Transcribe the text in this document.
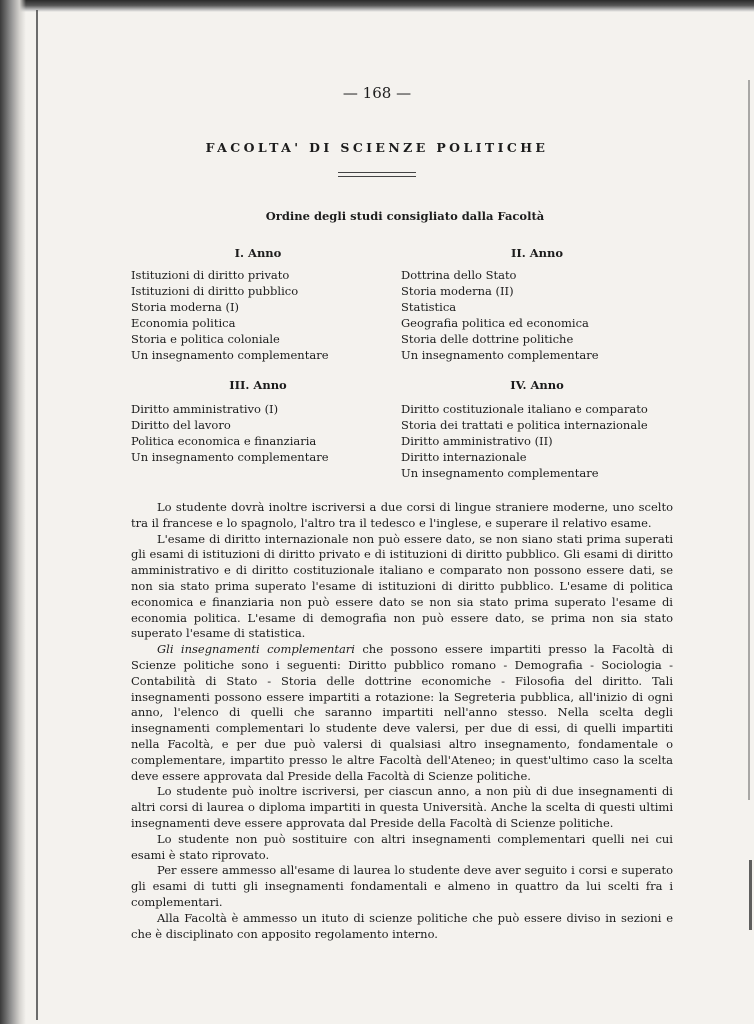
— 168 —
FACOLTA' DI SCIENZE POLITICHE
Ordine degli studi consigliato dalla Facoltà
I. Anno
Istituzioni di diritto privato
Istituzioni di diritto pubblico
Storia moderna (I)
Economia politica
Storia e politica coloniale
Un insegnamento complementare
II. Anno
Dottrina dello Stato
Storia moderna (II)
Statistica
Geografia politica ed economica
Storia delle dottrine politiche
Un insegnamento complementare
III. Anno
Diritto amministrativo (I)
Diritto del lavoro
Politica economica e finanziaria
Un insegnamento complementare
IV. Anno
Diritto costituzionale italiano e comparato
Storia dei trattati e politica internazionale
Diritto amministrativo (II)
Diritto internazionale
Un insegnamento complementare

Lo studente dovrà inoltre iscriversi a due corsi di lingue straniere moderne, uno scelto tra il francese e lo spagnolo, l'altro tra il tedesco e l'inglese, e superare il relativo esame.

L'esame di diritto internazionale non può essere dato, se non siano stati prima superati gli esami di istituzioni di diritto privato e di istituzioni di diritto pubblico. Gli esami di diritto amministrativo e di diritto costituzionale italiano e comparato non possono essere dati, se non sia stato prima superato l'esame di istituzioni di diritto pubblico. L'esame di politica economica e finanziaria non può essere dato se non sia stato prima superato l'esame di economia politica. L'esame di demografia non può essere dato, se prima non sia stato superato l'esame di statistica.

Gli insegnamenti complementari che possono essere impartiti presso la Facoltà di Scienze politiche sono i seguenti: Diritto pubblico romano - Demografia - Sociologia - Contabilità di Stato - Storia delle dottrine economiche - Filosofia del diritto. Tali insegnamenti possono essere impartiti a rotazione: la Segreteria pubblica, all'inizio di ogni anno, l'elenco di quelli che saranno impartiti nell'anno stesso. Nella scelta degli insegnamenti complementari lo studente deve valersi, per due di essi, di quelli impartiti nella Facoltà, e per due può valersi di qualsiasi altro insegnamento, fondamentale o complementare, impartito presso le altre Facoltà dell'Ateneo; in quest'ultimo caso la scelta deve essere approvata dal Preside della Facoltà di Scienze politiche.

Lo studente può inoltre iscriversi, per ciascun anno, a non più di due insegnamenti di altri corsi di laurea o diploma impartiti in questa Università. Anche la scelta di questi ultimi insegnamenti deve essere approvata dal Preside della Facoltà di Scienze politiche.

Lo studente non può sostituire con altri insegnamenti complementari quelli nei cui esami è stato riprovato.

Per essere ammesso all'esame di laurea lo studente deve aver seguito i corsi e superato gli esami di tutti gli insegnamenti fondamentali e almeno in quattro da lui scelti fra i complementari.

Alla Facoltà è ammesso un ituto di scienze politiche che può essere diviso in sezioni e che è disciplinato con apposito regolamento interno.
